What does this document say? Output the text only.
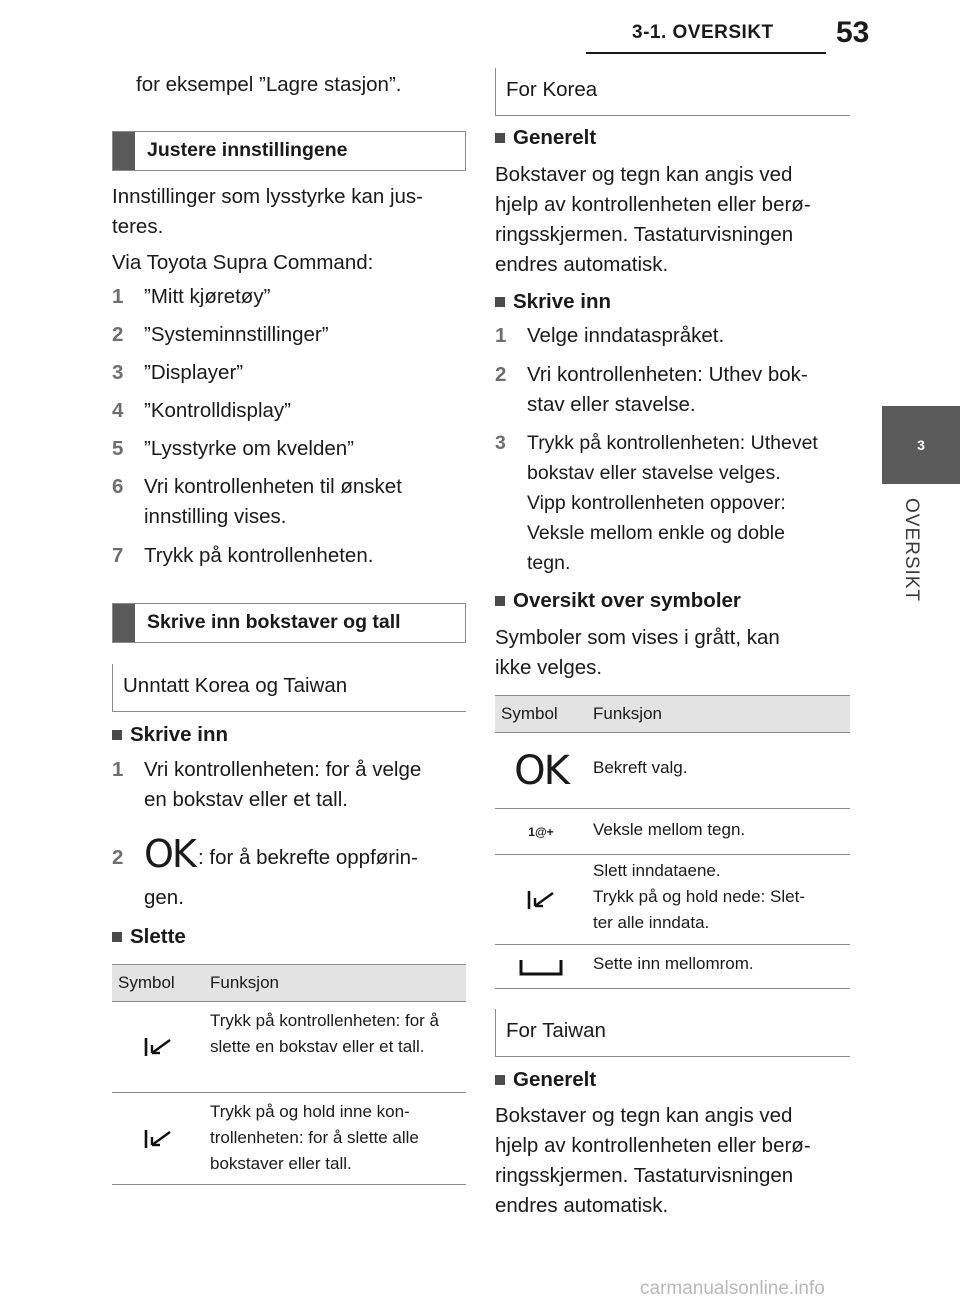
3-1. OVERSIKT 53
3
OVERSIKT
for eksempel ”Lagre stasjon”.
Justere innstillingene
Innstillinger som lysstyrke kan jus-
teres.
Via Toyota Supra Command:
1 ”Mitt kjøretøy”
2 ”Systeminnstillinger”
3 ”Displayer”
4 ”Kontrolldisplay”
5 ”Lysstyrke om kvelden”
6 Vri kontrollenheten til ønsket
innstilling vises.
7 Trykk på kontrollenheten.
Skrive inn bokstaver og tall
Unntatt Korea og Taiwan
Skrive inn
1 Vri kontrollenheten: for å velge
en bokstav eller et tall.
2 OK : for å bekrefte oppførin-
gen.
Slette
Symbol Funksjon
Trykk på kontrollenheten: for å slette en bokstav eller et tall.
Trykk på og hold inne kon-trollenheten: for å slette alle bokstaver eller tall.
For Korea
Generelt
Bokstaver og tegn kan angis ved
hjelp av kontrollenheten eller berø-
ringsskjermen. Tastaturvisningen
endres automatisk.
Skrive inn
1 Velge inndataspråket.
2 Vri kontrollenheten: Uthev bok-
stav eller stavelse.
3 Trykk på kontrollenheten: Uthevet
bokstav eller stavelse velges.
Vipp kontrollenheten oppover:
Veksle mellom enkle og doble
tegn.
Oversikt over symboler
Symboler som vises i grått, kan
ikke velges.
Symbol Funksjon
OK Bekreft valg.
1@+ Veksle mellom tegn.
Slett inndataene.
Trykk på og hold nede: Slet-
ter alle inndata.
Sette inn mellomrom.
For Taiwan
Generelt
Bokstaver og tegn kan angis ved
hjelp av kontrollenheten eller berø-
ringsskjermen. Tastaturvisningen
endres automatisk.
carmanualsonline.info
